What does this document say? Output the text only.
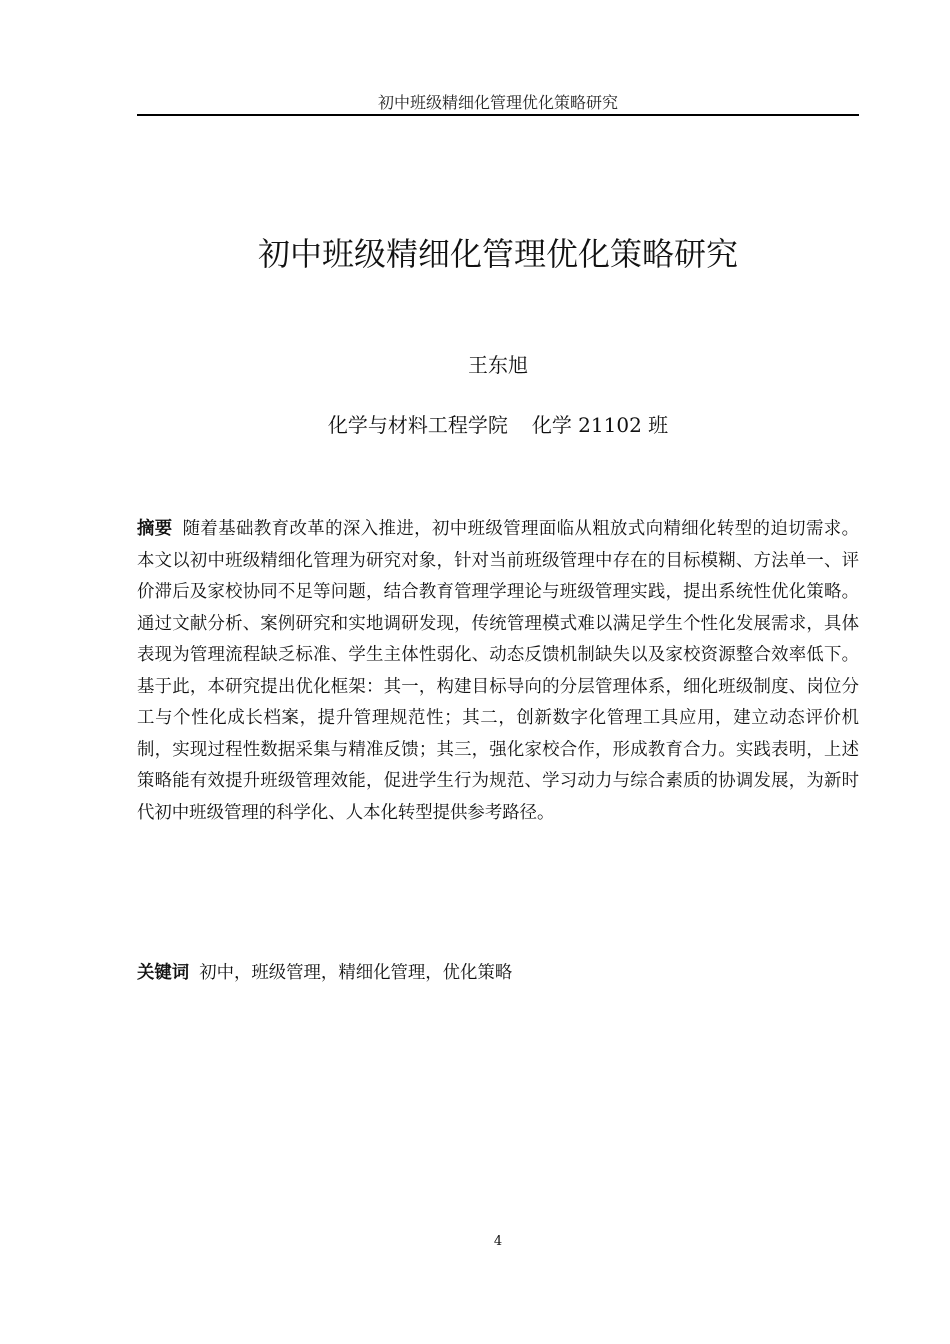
初中班级精细化管理优化策略研究
初中班级精细化管理优化策略研究
王东旭
化学与材料工程学院 化学 21102 班

摘要 随着基础教育改革的深入推进，初中班级管理面临从粗放式向精细化转型的迫切需求。本文以初中班级精细化管理为研究对象，针对当前班级管理中存在的目标模糊、方法单一、评价滞后及家校协同不足等问题，结合教育管理学理论与班级管理实践，提出系统性优化策略。通过文献分析、案例研究和实地调研发现，传统管理模式难以满足学生个性化发展需求，具体表现为管理流程缺乏标准、学生主体性弱化、动态反馈机制缺失以及家校资源整合效率低下。基于此，本研究提出优化框架：其一，构建目标导向的分层管理体系，细化班级制度、岗位分工与个性化成长档案，提升管理规范性；其二，创新数字化管理工具应用，建立动态评价机制，实现过程性数据采集与精准反馈；其三，强化家校合作，形成教育合力。实践表明，上述策略能有效提升班级管理效能，促进学生行为规范、学习动力与综合素质的协调发展，为新时代初中班级管理的科学化、人本化转型提供参考路径。

关键词 初中，班级管理，精细化管理，优化策略

4
